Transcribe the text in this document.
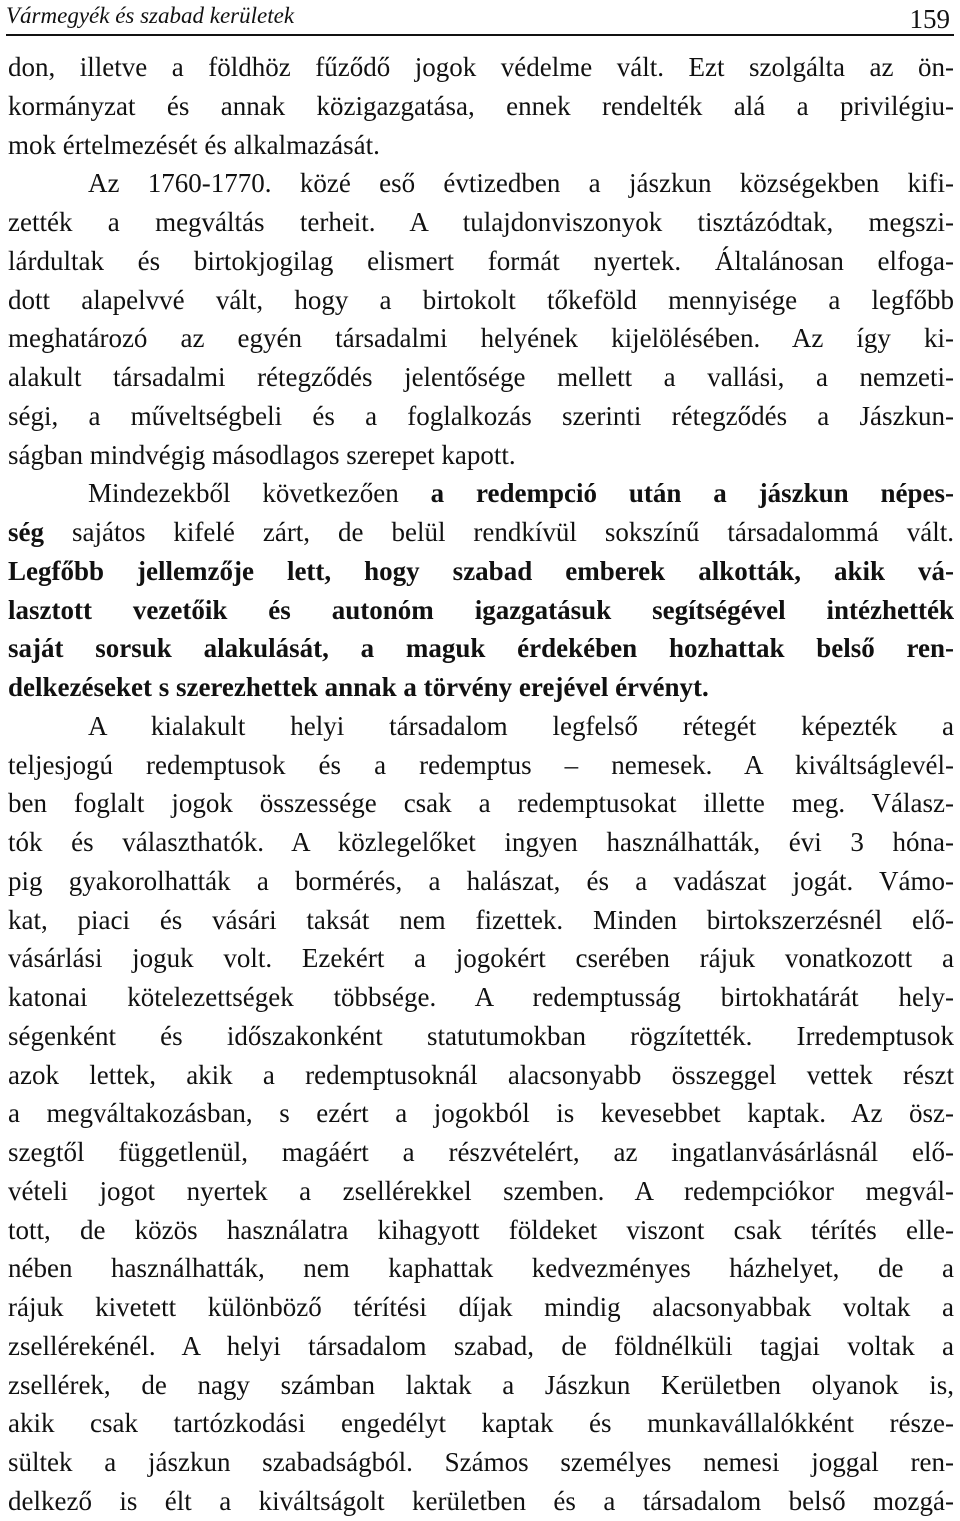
Vármegyék és szabad kerületek	159
don, illetve a földhöz fűződő jogok védelme vált. Ezt szolgálta az ön-
kormányzat és annak közigazgatása, ennek rendelték alá a privilégiu-
mok értelmezését és alkalmazását.
Az 1760-1770. közé eső évtizedben a jászkun községekben kifi-
zették a megváltás terheit. A tulajdonviszonyok tisztázódtak, megszi-
lárdultak és birtokjogilag elismert formát nyertek. Általánosan elfoga-
dott alapelvvé vált, hogy a birtokolt tőkeföld mennyisége a legfőbb
meghatározó az egyén társadalmi helyének kijelölésében. Az így ki-
alakult társadalmi rétegződés jelentősége mellett a vallási, a nemzeti-
ségi, a műveltségbeli és a foglalkozás szerinti rétegződés a Jászkun-
ságban mindvégig másodlagos szerepet kapott.
Mindezekből következően a redempció után a jászkun népes-
ség sajátos kifelé zárt, de belül rendkívül sokszínű társadalommá vált.
Legfőbb jellemzője lett, hogy szabad emberek alkották, akik vá-
lasztott vezetőik és autonóm igazgatásuk segítségével intézhették
saját sorsuk alakulását, a maguk érdekében hozhattak belső ren-
delkezéseket s szerezhettek annak a törvény erejével érvényt.
A kialakult helyi társadalom legfelső rétegét képezték a
teljesjogú redemptusok és a redemptus – nemesek. A kiváltságlevél-
ben foglalt jogok összessége csak a redemptusokat illette meg. Válasz-
tók és választhatók. A közlegelőket ingyen használhatták, évi 3 hóna-
pig gyakorolhatták a bormérés, a halászat, és a vadászat jogát. Vámo-
kat, piaci és vásári taksát nem fizettek. Minden birtokszerzésnél elő-
vásárlási joguk volt. Ezekért a jogokért cserében rájuk vonatkozott a
katonai kötelezettségek többsége. A redemptusság birtokhatárát hely-
ségenként és időszakonként statutumokban rögzítették. Irredemptusok
azok lettek, akik a redemptusoknál alacsonyabb összeggel vettek részt
a megváltakozásban, s ezért a jogokból is kevesebbet kaptak. Az ösz-
szegtől függetlenül, magáért a részvételért, az ingatlanvásárlásnál elő-
vételi jogot nyertek a zsellérekkel szemben. A redempciókor megvál-
tott, de közös használatra kihagyott földeket viszont csak térítés elle-
nében használhatták, nem kaphattak kedvezményes házhelyet, de a
rájuk kivetett különböző térítési díjak mindig alacsonyabbak voltak a
zsellérekénél. A helyi társadalom szabad, de földnélküli tagjai voltak a
zsellérek, de nagy számban laktak a Jászkun Kerületben olyanok is,
akik csak tartózkodási engedélyt kaptak és munkavállalókként része-
sültek a jászkun szabadságból. Számos személyes nemesi joggal ren-
delkező is élt a kiváltságolt kerületben és a társadalom belső mozgá-
